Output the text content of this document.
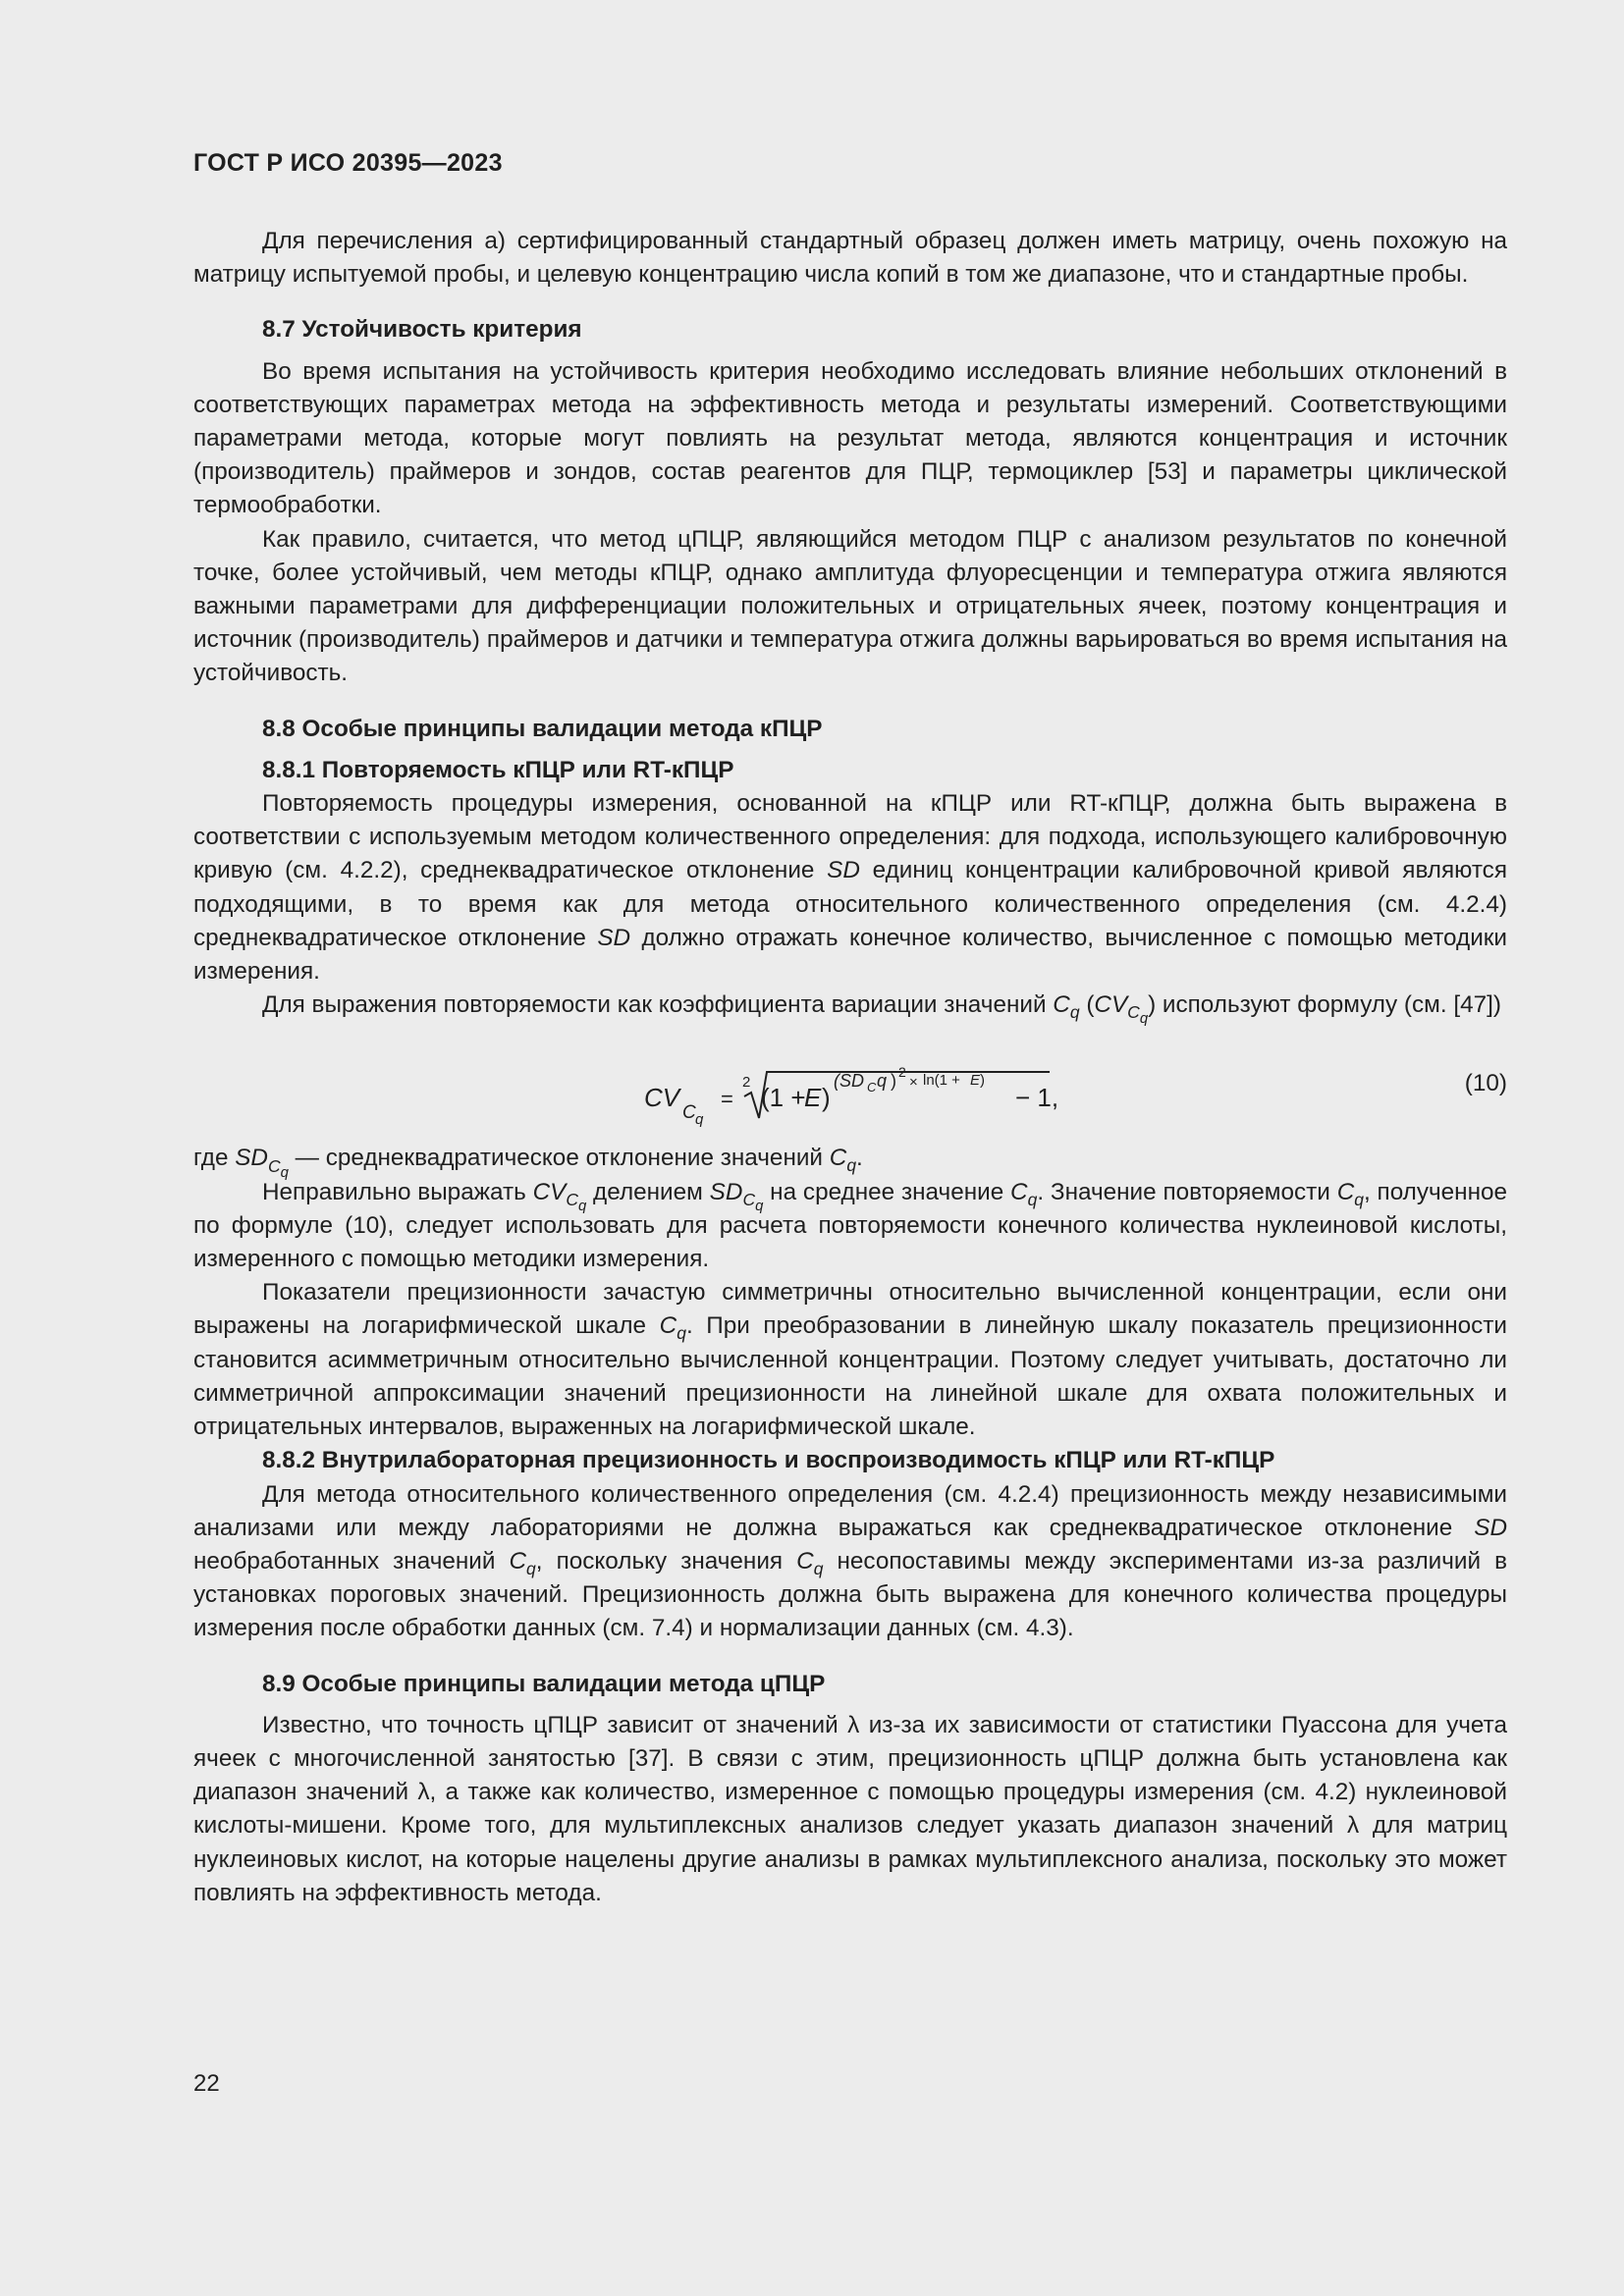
ГОСТ Р ИСО 20395—2023

Для перечисления а) сертифицированный стандартный образец должен иметь матрицу, очень похожую на матрицу испытуемой пробы, и целевую концентрацию числа копий в том же диапазоне, что и стандартные пробы.

8.7 Устойчивость критерия

Во время испытания на устойчивость критерия необходимо исследовать влияние небольших отклонений в соответствующих параметрах метода на эффективность метода и результаты измерений. Соответствующими параметрами метода, которые могут повлиять на результат метода, являются концентрация и источник (производитель) праймеров и зондов, состав реагентов для ПЦР, термоциклер [53] и параметры циклической термообработки.

Как правило, считается, что метод цПЦР, являющийся методом ПЦР с анализом результатов по конечной точке, более устойчивый, чем методы кПЦР, однако амплитуда флуоресценции и температура отжига являются важными параметрами для дифференциации положительных и отрицательных ячеек, поэтому концентрация и источник (производитель) праймеров и датчики и температура отжига должны варьироваться во время испытания на устойчивость.

8.8 Особые принципы валидации метода кПЦР
8.8.1 Повторяемость кПЦР или RT-кПЦР

Повторяемость процедуры измерения, основанной на кПЦР или RT-кПЦР, должна быть выражена в соответствии с используемым методом количественного определения: для подхода, использующего калибровочную кривую (см. 4.2.2), среднеквадратическое отклонение SD единиц концентрации калибровочной кривой являются подходящими, в то время как для метода относительного количественного определения (см. 4.2.4) среднеквадратическое отклонение SD должно отражать конечное количество, вычисленное с помощью методики измерения.

Для выражения повторяемости как коэффициента вариации значений $C_q$ $(CV_{C_q})$ используют формулу (см. [47])

CV
C q
=
2
(1 +
E )
(SD C q ) 2
× ln(1 + E )
− 1,	(10)

где $SD_{C_q}$ — среднеквадратическое отклонение значений $C_q$.

Неправильно выражать $CV_{C_q}$ делением $SD_{C_q}$ на среднее значение $C_q$. Значение повторяемости $C_q$, полученное по формуле (10), следует использовать для расчета повторяемости конечного количества нуклеиновой кислоты, измеренного с помощью методики измерения.

Показатели прецизионности зачастую симметричны относительно вычисленной концентрации, если они выражены на логарифмической шкале $C_q$. При преобразовании в линейную шкалу показатель прецизионности становится асимметричным относительно вычисленной концентрации. Поэтому следует учитывать, достаточно ли симметричной аппроксимации значений прецизионности на линейной шкале для охвата положительных и отрицательных интервалов, выраженных на логарифмической шкале.

8.8.2 Внутрилабораторная прецизионность и воспроизводимость кПЦР или RT-кПЦР

Для метода относительного количественного определения (см. 4.2.4) прецизионность между независимыми анализами или между лабораториями не должна выражаться как среднеквадратическое отклонение SD необработанных значений $C_q$, поскольку значения $C_q$ несопоставимы между экспериментами из-за различий в установках пороговых значений. Прецизионность должна быть выражена для конечного количества процедуры измерения после обработки данных (см. 7.4) и нормализации данных (см. 4.3).

8.9 Особые принципы валидации метода цПЦР

Известно, что точность цПЦР зависит от значений λ из-за их зависимости от статистики Пуассона для учета ячеек с многочисленной занятостью [37]. В связи с этим, прецизионность цПЦР должна быть установлена как диапазон значений λ, а также как количество, измеренное с помощью процедуры измерения (см. 4.2) нуклеиновой кислоты-мишени. Кроме того, для мультиплексных анализов следует указать диапазон значений λ для матриц нуклеиновых кислот, на которые нацелены другие анализы в рамках мультиплексного анализа, поскольку это может повлиять на эффективность метода.

22
